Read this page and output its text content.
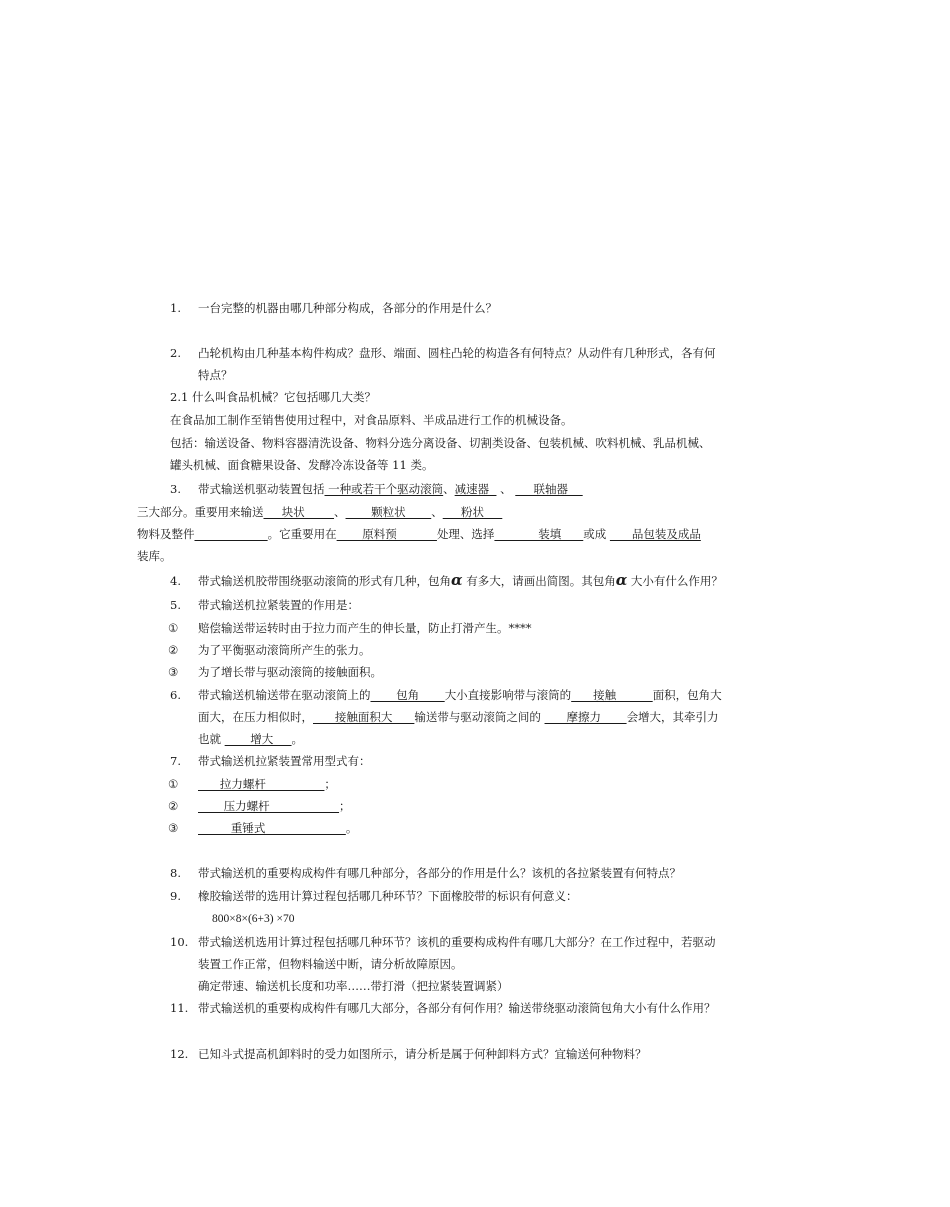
1. 一台完整的机器由哪几种部分构成，各部分的作用是什么？
2. 凸轮机构由几种基本构件构成？盘形、端面、圆柱凸轮的构造各有何特点？从动件有几种形式，各有何
特点？
2.1 什么叫食品机械？它包括哪几大类？
在食品加工制作至销售使用过程中，对食品原料、半成品进行工作的机械设备。
包括：输送设备、物料容器清洗设备、物料分选分离设备、切割类设备、包装机械、吹料机械、乳品机械、
罐头机械、面食糖果设备、发酵冷冻设备等 11 类。
3. 带式输送机驱动装置包括 一种或若干个驱动滚筒、减速器   、      联轴器
三大部分。重要用来输送     块状        、       颗粒状       、     粉状
物料及整件	。它重要用在       原料预           处理、选择            装填      或成       品包装及成品
装库。
4. 带式输送机胶带围绕驱动滚筒的形式有几种，包角α 有多大，请画出简图。其包角α 大小有什么作用？
5. 带式输送机拉紧装置的作用是：
① 赔偿输送带运转时由于拉力而产生的伸长量，防止打滑产生。****
② 为了平衡驱动滚筒所产生的张力。
③ 为了增长带与驱动滚筒的接触面积。
6. 带式输送机输送带在驱动滚筒上的       包角       大小直接影响带与滚筒的      接触          面积，包角大
面大，在压力相似时，      接触面积大      输送带与驱动滚筒之间的       摩擦力       会增大，其牵引力
也就        增大     。
7. 带式输送机拉紧装置常用型式有：
① 拉力螺杆                ；
② 压力螺杆                   ；
③ 重锤式                      。
8. 带式输送机的重要构成构件有哪几种部分，各部分的作用是什么？该机的各拉紧装置有何特点？
9. 橡胶输送带的选用计算过程包括哪几种环节？下面橡胶带的标识有何意义：
800×8×(6+3) ×70
10. 带式输送机选用计算过程包括哪几种环节？该机的重要构成构件有哪几大部分？在工作过程中，若驱动
装置工作正常，但物料输送中断，请分析故障原因。
确定带速、输送机长度和功率……带打滑（把拉紧装置调紧）
11. 带式输送机的重要构成构件有哪几大部分，各部分有何作用？输送带绕驱动滚筒包角大小有什么作用？
12. 已知斗式提高机卸料时的受力如图所示，请分析是属于何种卸料方式？宜输送何种物料？
